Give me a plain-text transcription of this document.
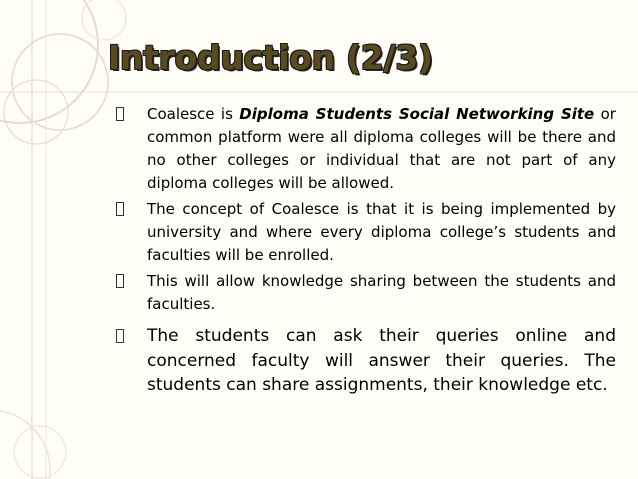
Introduction (2/3)
Coalesce is Diploma Students Social Networking Site or common platform were all diploma colleges will be there and no other colleges or individual that are not part of any diploma colleges will be allowed.
The concept of Coalesce is that it is being implemented by university and where every diploma college’s students and faculties will be enrolled.
This will allow knowledge sharing between the students and faculties.
The students can ask their queries online and concerned faculty will answer their queries. The students can share assignments, their knowledge etc.
